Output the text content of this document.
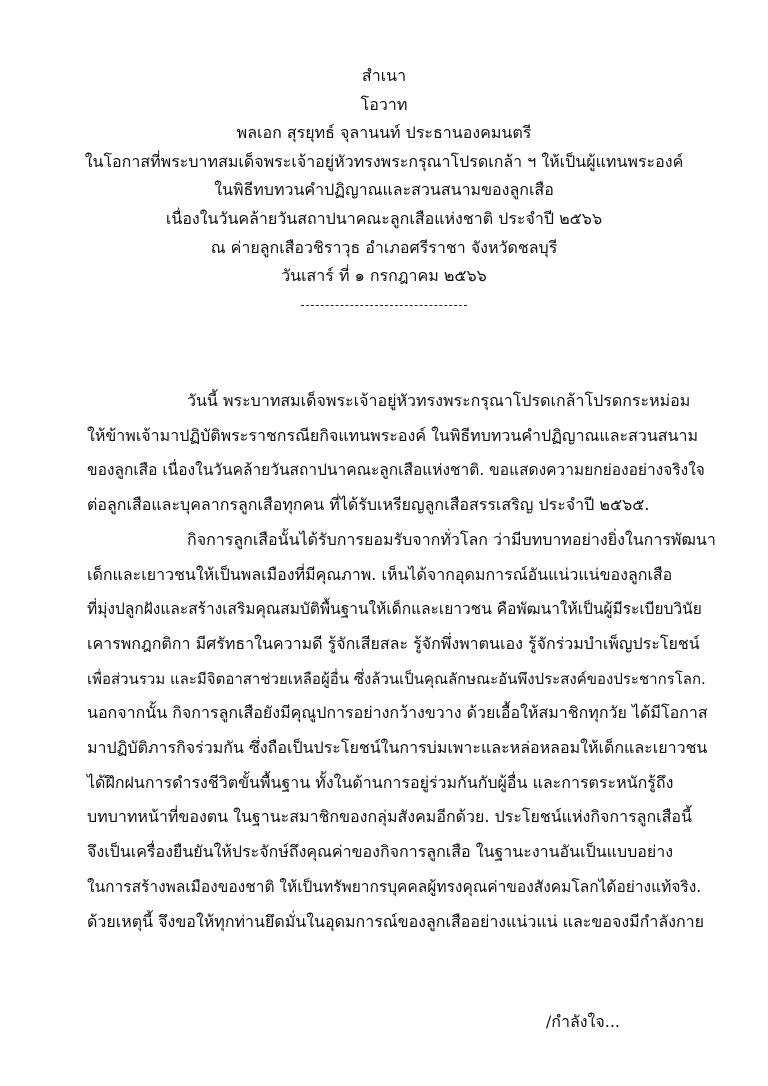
สำเนา
โอวาท
พลเอก สุรยุทธ์ จุลานนท์ ประธานองคมนตรี
ในโอกาสที่พระบาทสมเด็จพระเจ้าอยู่หัวทรงพระกรุณาโปรดเกล้า ฯ ให้เป็นผู้แทนพระองค์
ในพิธีทบทวนคำปฏิญาณและสวนสนามของลูกเสือ
เนื่องในวันคล้ายวันสถาปนาคณะลูกเสือแห่งชาติ ประจำปี ๒๕๖๖
ณ ค่ายลูกเสือวชิราวุธ อำเภอศรีราชา จังหวัดชลบุรี
วันเสาร์ ที่ ๑ กรกฎาคม ๒๕๖๖
วันนี้ พระบาทสมเด็จพระเจ้าอยู่หัวทรงพระกรุณาโปรดเกล้าโปรดกระหม่อม
ให้ข้าพเจ้ามาปฏิบัติพระราชกรณียกิจแทนพระองค์ ในพิธีทบทวนคำปฏิญาณและสวนสนาม
ของลูกเสือ เนื่องในวันคล้ายวันสถาปนาคณะลูกเสือแห่งชาติ. ขอแสดงความยกย่องอย่างจริงใจ
ต่อลูกเสือและบุคลากรลูกเสือทุกคน ที่ได้รับเหรียญลูกเสือสรรเสริญ ประจำปี ๒๕๖๕.
กิจการลูกเสือนั้นได้รับการยอมรับจากทั่วโลก ว่ามีบทบาทอย่างยิ่งในการพัฒนา
เด็กและเยาวชนให้เป็นพลเมืองที่มีคุณภาพ. เห็นได้จากอุดมการณ์อันแน่วแน่ของลูกเสือ
ที่มุ่งปลูกฝังและสร้างเสริมคุณสมบัติพื้นฐานให้เด็กและเยาวชน คือพัฒนาให้เป็นผู้มีระเบียบวินัย
เคารพกฎกติกา มีศรัทธาในความดี รู้จักเสียสละ รู้จักพึ่งพาตนเอง รู้จักร่วมบำเพ็ญประโยชน์
เพื่อส่วนรวม และมีจิตอาสาช่วยเหลือผู้อื่น ซึ่งล้วนเป็นคุณลักษณะอันพึงประสงค์ของประชากรโลก.
นอกจากนั้น กิจการลูกเสือยังมีคุณูปการอย่างกว้างขวาง ด้วยเอื้อให้สมาชิกทุกวัย ได้มีโอกาส
มาปฏิบัติภารกิจร่วมกัน ซึ่งถือเป็นประโยชน์ในการบ่มเพาะและหล่อหลอมให้เด็กและเยาวชน
ได้ฝึกฝนการดำรงชีวิตขั้นพื้นฐาน ทั้งในด้านการอยู่ร่วมกันกับผู้อื่น และการตระหนักรู้ถึง
บทบาทหน้าที่ของตน ในฐานะสมาชิกของกลุ่มสังคมอีกด้วย. ประโยชน์แห่งกิจการลูกเสือนี้
จึงเป็นเครื่องยืนยันให้ประจักษ์ถึงคุณค่าของกิจการลูกเสือ ในฐานะงานอันเป็นแบบอย่าง
ในการสร้างพลเมืองของชาติ ให้เป็นทรัพยากรบุคคลผู้ทรงคุณค่าของสังคมโลกได้อย่างแท้จริง.
ด้วยเหตุนี้ จึงขอให้ทุกท่านยึดมั่นในอุดมการณ์ของลูกเสืออย่างแน่วแน่ และขอจงมีกำลังกาย
/กำลังใจ...
